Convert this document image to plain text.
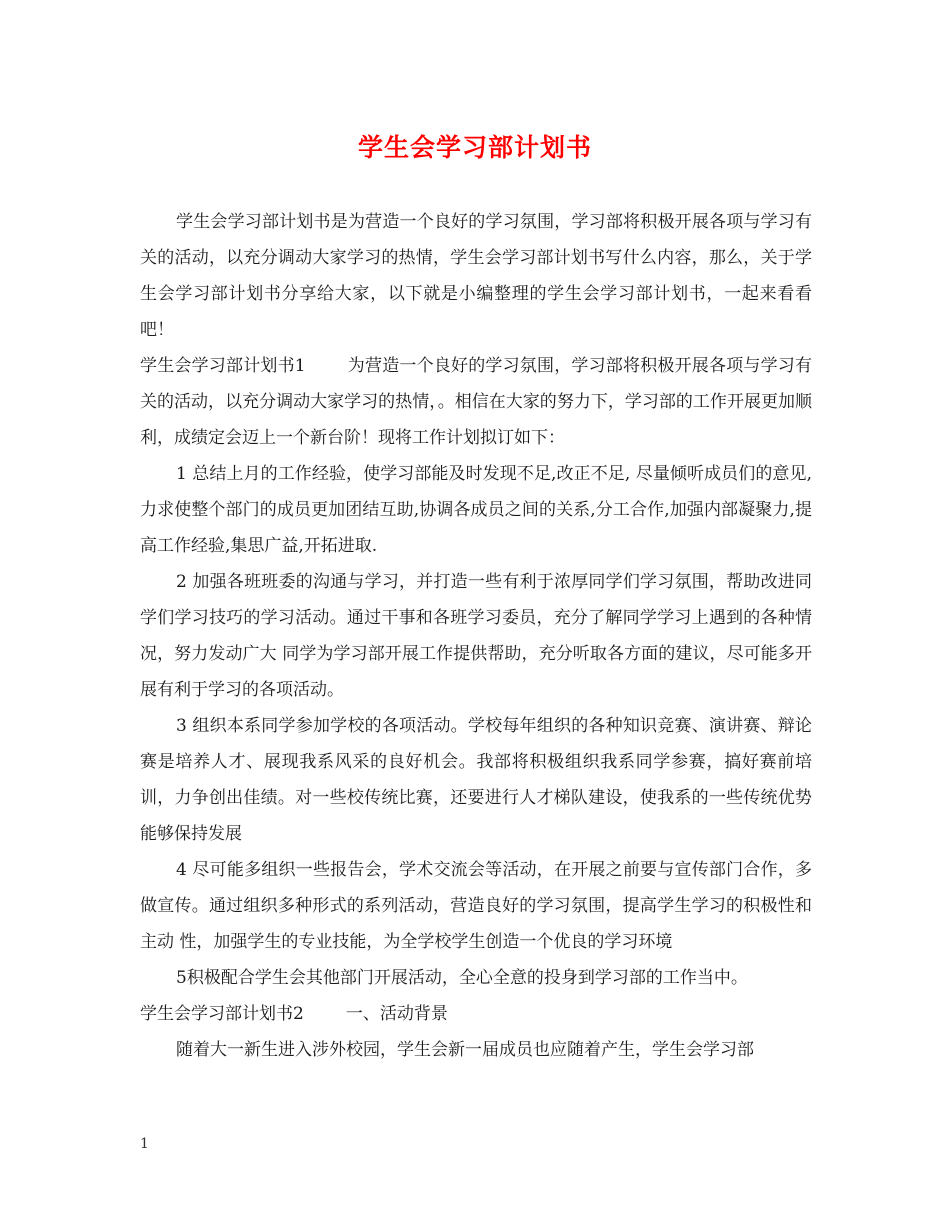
学生会学习部计划书

学生会学习部计划书是为营造一个良好的学习氛围，学习部将积极开展各项与学习有关的活动，以充分调动大家学习的热情，学生会学习部计划书写什么内容，那么，关于学生会学习部计划书分享给大家，以下就是小编整理的学生会学习部计划书，一起来看看吧！

学生会学习部计划书1 为营造一个良好的学习氛围，学习部将积极开展各项与学习有关的活动，以充分调动大家学习的热情，。相信在大家的努力下，学习部的工作开展更加顺利，成绩定会迈上一个新台阶！现将工作计划拟订如下：

1 总结上月的工作经验，使学习部能及时发现不足,改正不足, 尽量倾听成员们的意见,力求使整个部门的成员更加团结互助,协调各成员之间的关系,分工合作,加强内部凝聚力,提高工作经验,集思广益,开拓进取.

2 加强各班班委的沟通与学习，并打造一些有利于浓厚同学们学习氛围，帮助改进同学们学习技巧的学习活动。通过干事和各班学习委员，充分了解同学学习上遇到的各种情况，努力发动广大 同学为学习部开展工作提供帮助，充分听取各方面的建议，尽可能多开展有利于学习的各项活动。

3 组织本系同学参加学校的各项活动。学校每年组织的各种知识竞赛、演讲赛、辩论赛是培养人才、展现我系风采的良好机会。我部将积极组织我系同学参赛，搞好赛前培训，力争创出佳绩。对一些校传统比赛，还要进行人才梯队建设，使我系的一些传统优势能够保持发展

4 尽可能多组织一些报告会，学术交流会等活动，在开展之前要与宣传部门合作，多做宣传。通过组织多种形式的系列活动，营造良好的学习氛围，提高学生学习的积极性和主动 性，加强学生的专业技能，为全学校学生创造一个优良的学习环境

5积极配合学生会其他部门开展活动，全心全意的投身到学习部的工作当中。

学生会学习部计划书2 一、活动背景

随着大一新生进入涉外校园，学生会新一届成员也应随着产生，学生会学习部

1
